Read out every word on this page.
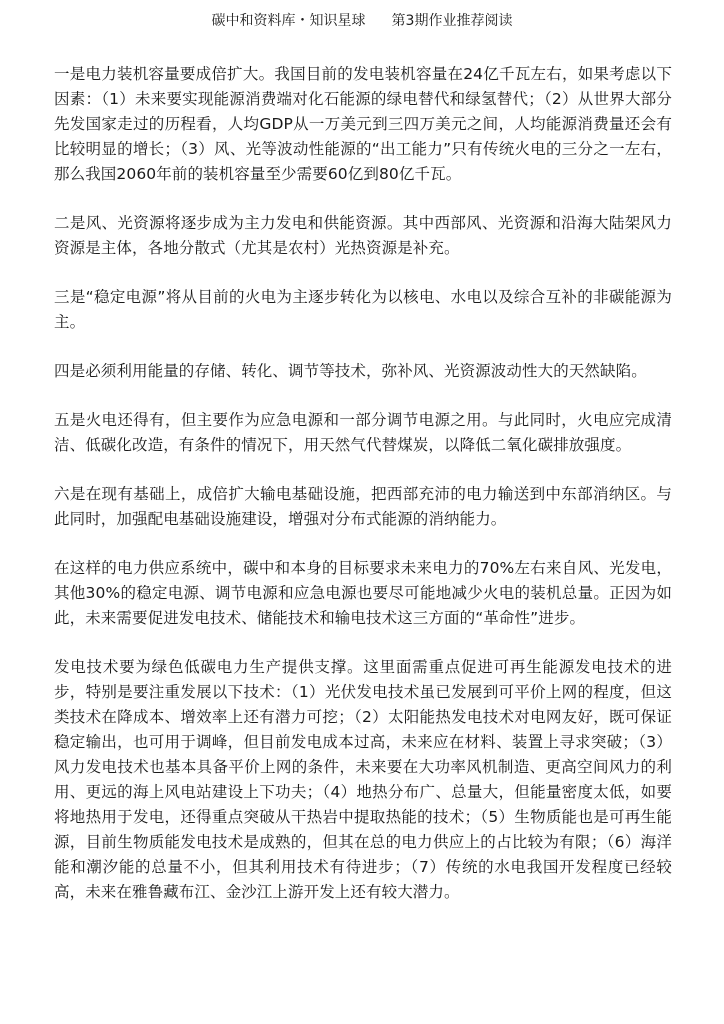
碳中和资料库・知识星球 第3期作业推荐阅读

一是电力装机容量要成倍扩大。我国目前的发电装机容量在24亿千瓦左右，如果考虑以下因素：（1）未来要实现能源消费端对化石能源的绿电替代和绿氢替代；（2）从世界大部分先发国家走过的历程看，人均GDP从一万美元到三四万美元之间，人均能源消费量还会有比较明显的增长；（3）风、光等波动性能源的“出工能力”只有传统火电的三分之一左右，那么我国2060年前的装机容量至少需要60亿到80亿千瓦。

二是风、光资源将逐步成为主力发电和供能资源。其中西部风、光资源和沿海大陆架风力资源是主体，各地分散式（尤其是农村）光热资源是补充。

三是“稳定电源”将从目前的火电为主逐步转化为以核电、水电以及综合互补的非碳能源为主。

四是必须利用能量的存储、转化、调节等技术，弥补风、光资源波动性大的天然缺陷。

五是火电还得有，但主要作为应急电源和一部分调节电源之用。与此同时，火电应完成清洁、低碳化改造，有条件的情况下，用天然气代替煤炭，以降低二氧化碳排放强度。

六是在现有基础上，成倍扩大输电基础设施，把西部充沛的电力输送到中东部消纳区。与此同时，加强配电基础设施建设，增强对分布式能源的消纳能力。

在这样的电力供应系统中，碳中和本身的目标要求未来电力的70%左右来自风、光发电，其他30%的稳定电源、调节电源和应急电源也要尽可能地减少火电的装机总量。正因为如此，未来需要促进发电技术、储能技术和输电技术这三方面的“革命性”进步。

发电技术要为绿色低碳电力生产提供支撑。这里面需重点促进可再生能源发电技术的进步，特别是要注重发展以下技术：（1）光伏发电技术虽已发展到可平价上网的程度，但这类技术在降成本、增效率上还有潜力可挖；（2）太阳能热发电技术对电网友好，既可保证稳定输出，也可用于调峰，但目前发电成本过高，未来应在材料、装置上寻求突破；（3）风力发电技术也基本具备平价上网的条件，未来要在大功率风机制造、更高空间风力的利用、更远的海上风电站建设上下功夫；（4）地热分布广、总量大，但能量密度太低，如要将地热用于发电，还得重点突破从干热岩中提取热能的技术；（5）生物质能也是可再生能源，目前生物质能发电技术是成熟的，但其在总的电力供应上的占比较为有限；（6）海洋能和潮汐能的总量不小，但其利用技术有待进步；（7）传统的水电我国开发程度已经较高，未来在雅鲁藏布江、金沙江上游开发上还有较大潜力。
